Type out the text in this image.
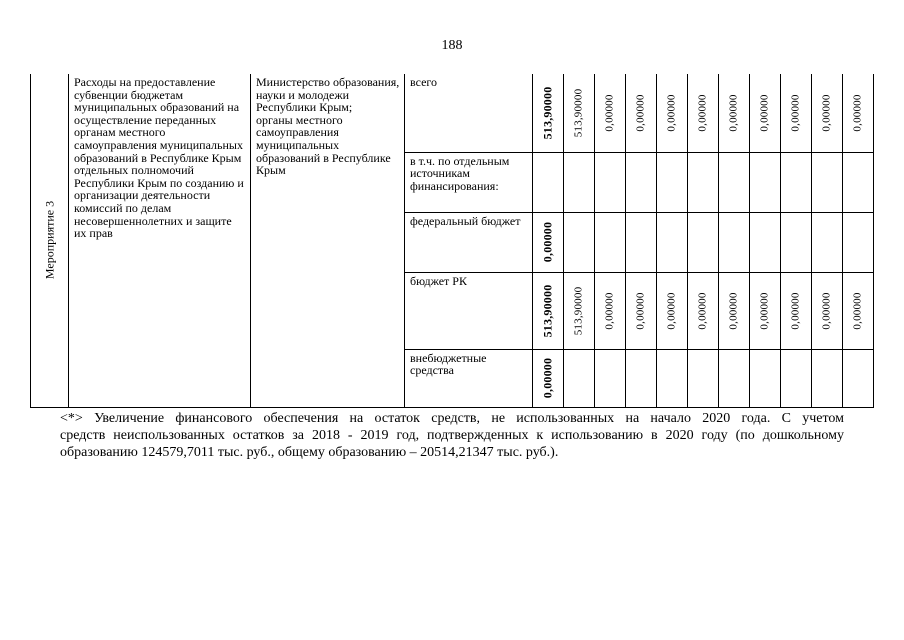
188
Мероприятие 3	Расходы на предоставление субвенции бюджетам муниципальных образований на осуществление переданных органам местного самоуправления муниципальных образований в Республике Крым отдельных полномочий Республики Крым по созданию и организации деятельности комиссий по делам несовершеннолетних и защите их прав	Министерство образования, науки и молодежи Республики Крым;
органы местного самоуправления муниципальных образований в Республике Крым	всего	513,90000	513,90000	0,00000	0,00000	0,00000	0,00000	0,00000	0,00000	0,00000	0,00000	0,00000

			в т.ч. по отдельным источникам финансирования:	

			федеральный бюджет	0,00000										

			бюджет РК	513,90000	513,90000	0,00000	0,00000	0,00000	0,00000	0,00000	0,00000	0,00000	0,00000	0,00000

			внебюджетные средства	0,00000										

<*> Увеличение финансового обеспечения на остаток средств, не использованных на начало 2020 года. С учетом

средств неиспользованных остатков за 2018 - 2019 год, подтвержденных к использованию в 2020 году (по дошкольному образованию 124579,7011 тыс. руб., общему образованию – 20514,21347 тыс. руб.).
